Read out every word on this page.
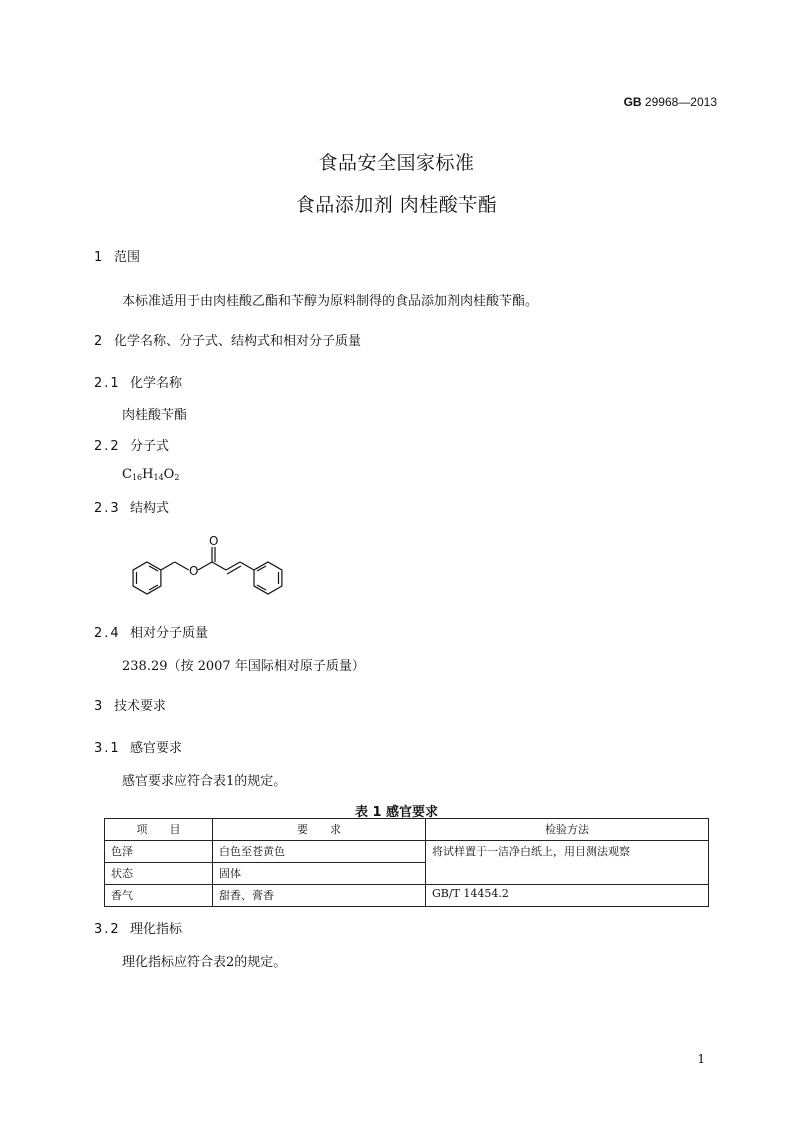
GB 29968—2013
食品安全国家标准
食品添加剂 肉桂酸苄酯
1 范围
本标准适用于由肉桂酸乙酯和苄醇为原料制得的食品添加剂肉桂酸苄酯。
2 化学名称、分子式、结构式和相对分子质量
2.1 化学名称
肉桂酸苄酯
2.2 分子式
$C_{16}H_{14}O_2$
2.3 结构式
O
O
2.4 相对分子质量
238.29（按 2007 年国际相对原子质量）
3 技术要求
3.1 感官要求
感官要求应符合表1的规定。
表 1 感官要求
项　　目	要　　求	检验方法
色泽	白色至苍黄色	将试样置于一洁净白纸上，用目测法观察
状态	固体	
香气	甜香、膏香	GB/T 14454.2
3.2 理化指标
理化指标应符合表2的规定。
1
